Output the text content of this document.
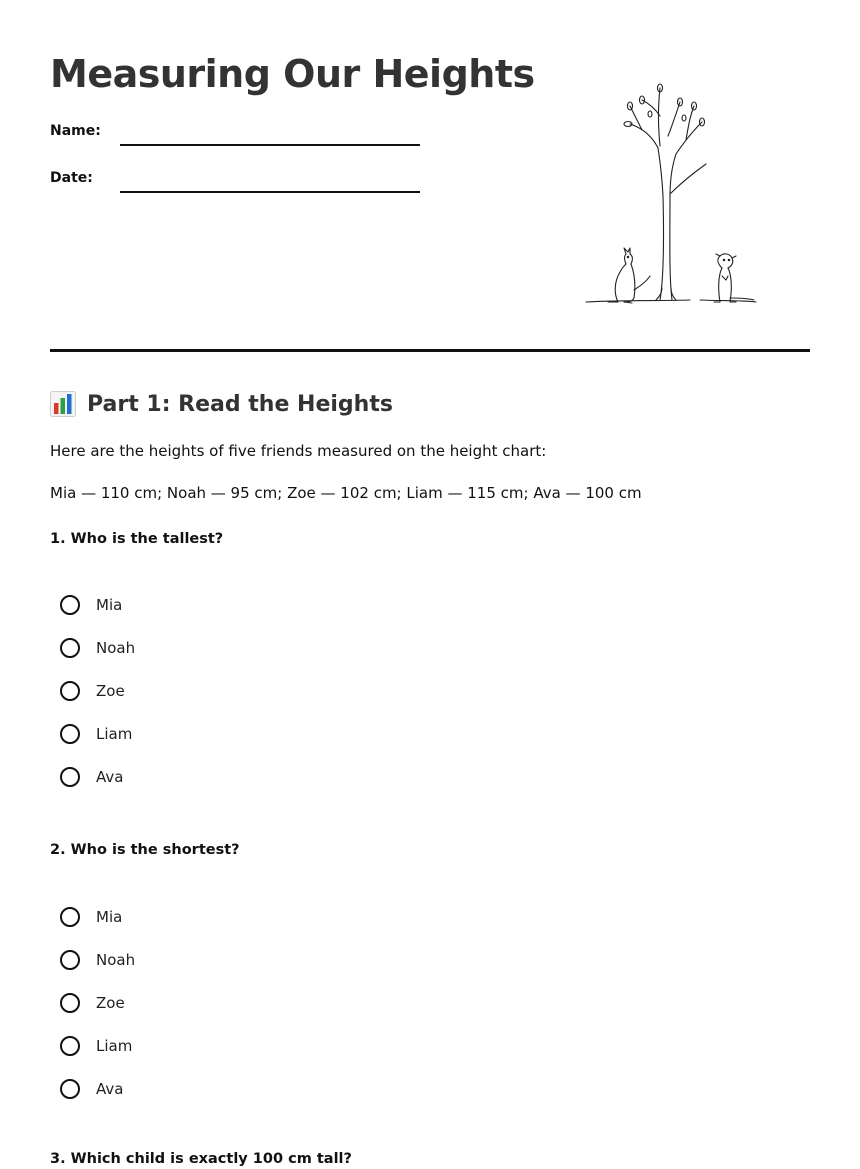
Measuring Our Heights
Name:
Date:
Part 1: Read the Heights
Here are the heights of five friends measured on the height chart:
Mia — 110 cm; Noah — 95 cm; Zoe — 102 cm; Liam — 115 cm; Ava — 100 cm
1. Who is the tallest?
Mia
Noah
Zoe
Liam
Ava
2. Who is the shortest?
Mia
Noah
Zoe
Liam
Ava
3. Which child is exactly 100 cm tall?
